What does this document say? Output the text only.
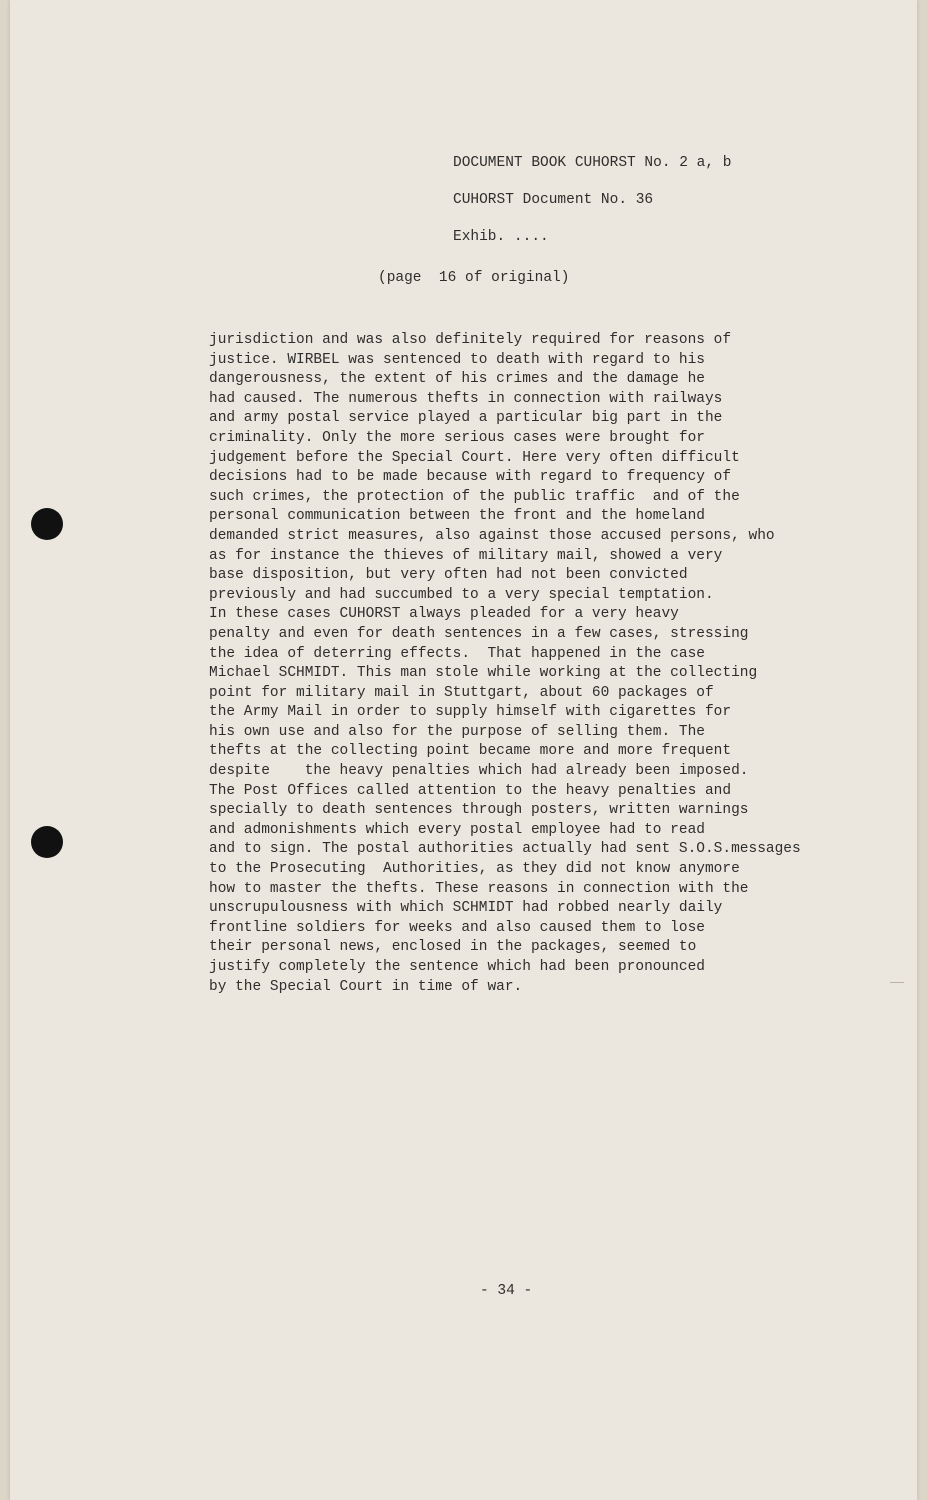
DOCUMENT BOOK CUHORST No. 2 a, b
CUHORST Document No. 36
Exhib. ....
(page  16 of original)
jurisdiction and was also definitely required for reasons of
justice. WIRBEL was sentenced to death with regard to his
dangerousness, the extent of his crimes and the damage he
had caused. The numerous thefts in connection with railways
and army postal service played a particular big part in the
criminality. Only the more serious cases were brought for
judgement before the Special Court. Here very often difficult
decisions had to be made because with regard to frequency of
such crimes, the protection of the public traffic  and of the
personal communication between the front and the homeland
demanded strict measures, also against those accused persons, who
as for instance the thieves of military mail, showed a very
base disposition, but very often had not been convicted
previously and had succumbed to a very special temptation.
In these cases CUHORST always pleaded for a very heavy
penalty and even for death sentences in a few cases, stressing
the idea of deterring effects.  That happened in the case
Michael SCHMIDT. This man stole while working at the collecting
point for military mail in Stuttgart, about 60 packages of
the Army Mail in order to supply himself with cigarettes for
his own use and also for the purpose of selling them. The
thefts at the collecting point became more and more frequent
despite    the heavy penalties which had already been imposed.
The Post Offices called attention to the heavy penalties and
specially to death sentences through posters, written warnings
and admonishments which every postal employee had to read
and to sign. The postal authorities actually had sent S.O.S.messages
to the Prosecuting  Authorities, as they did not know anymore
how to master the thefts. These reasons in connection with the
unscrupulousness with which SCHMIDT had robbed nearly daily
frontline soldiers for weeks and also caused them to lose
their personal news, enclosed in the packages, seemed to
justify completely the sentence which had been pronounced
by the Special Court in time of war.
- 34 -
